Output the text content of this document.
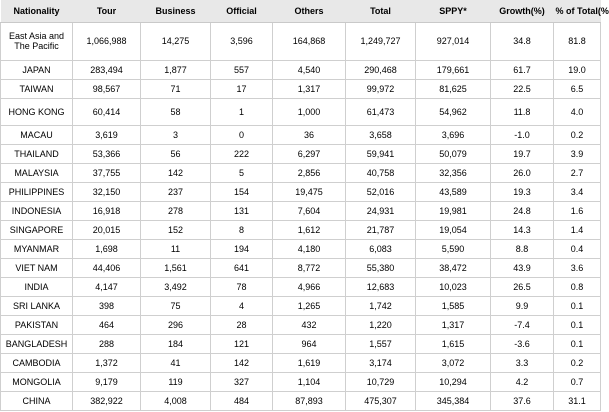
Nationality	Tour	Business	Official	Others	Total	SPPY*	Growth(%)	% of Total(%
East Asia and The Pacific	1,066,988	14,275	3,596	164,868	1,249,727	927,014	34.8	81.8
JAPAN	283,494	1,877	557	4,540	290,468	179,661	61.7	19.0
TAIWAN	98,567	71	17	1,317	99,972	81,625	22.5	6.5
HONG KONG	60,414	58	1	1,000	61,473	54,962	11.8	4.0
MACAU	3,619	3	0	36	3,658	3,696	-1.0	0.2
THAILAND	53,366	56	222	6,297	59,941	50,079	19.7	3.9
MALAYSIA	37,755	142	5	2,856	40,758	32,356	26.0	2.7
PHILIPPINES	32,150	237	154	19,475	52,016	43,589	19.3	3.4
INDONESIA	16,918	278	131	7,604	24,931	19,981	24.8	1.6
SINGAPORE	20,015	152	8	1,612	21,787	19,054	14.3	1.4
MYANMAR	1,698	11	194	4,180	6,083	5,590	8.8	0.4
VIET NAM	44,406	1,561	641	8,772	55,380	38,472	43.9	3.6
INDIA	4,147	3,492	78	4,966	12,683	10,023	26.5	0.8
SRI LANKA	398	75	4	1,265	1,742	1,585	9.9	0.1
PAKISTAN	464	296	28	432	1,220	1,317	-7.4	0.1
BANGLADESH	288	184	121	964	1,557	1,615	-3.6	0.1
CAMBODIA	1,372	41	142	1,619	3,174	3,072	3.3	0.2
MONGOLIA	9,179	119	327	1,104	10,729	10,294	4.2	0.7
CHINA	382,922	4,008	484	87,893	475,307	345,384	37.6	31.1
